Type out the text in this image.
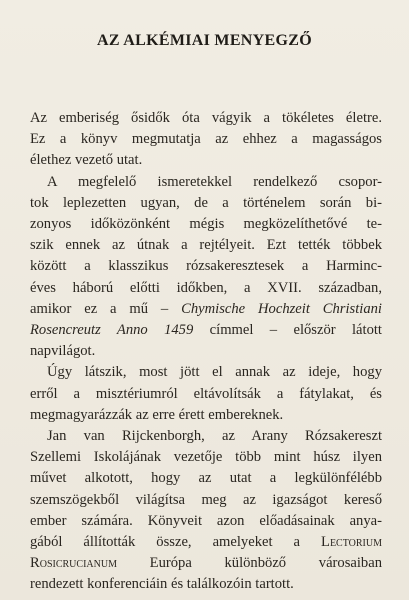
AZ ALKÉMIAI MENYEGZŐ

Az emberiség ősidők óta vágyik a tökéletes életre.
Ez a könyv megmutatja az ehhez a magasságos
élethez vezető utat.

A megfelelő ismeretekkel rendelkező csopor-
tok leplezetten ugyan, de a történelem során bi-
zonyos időközönként mégis megközelíthetővé te-
szik ennek az útnak a rejtélyeit. Ezt tették többek
között a klasszikus rózsakeresztesek a Harminc-
éves háború előtti időkben, a XVII. században,
amikor ez a mű – Chymische Hochzeit Christiani
Rosencreutz Anno 1459 címmel – először látott
napvilágot.

Úgy látszik, most jött el annak az ideje, hogy
erről a misztériumról eltávolítsák a fátylakat, és
megmagyarázzák az erre érett embereknek.

Jan van Rijckenborgh, az Arany Rózsakereszt
Szellemi Iskolájának vezetője több mint húsz ilyen
művet alkotott, hogy az utat a legkülönfélébb
szemszögekből világítsa meg az igazságot kereső
ember számára. Könyveit azon előadásainak anya-
gából állították össze, amelyeket a Lectorium
Rosicrucianum Európa különböző városaiban
rendezett konferenciáin és találkozóin tartott.
